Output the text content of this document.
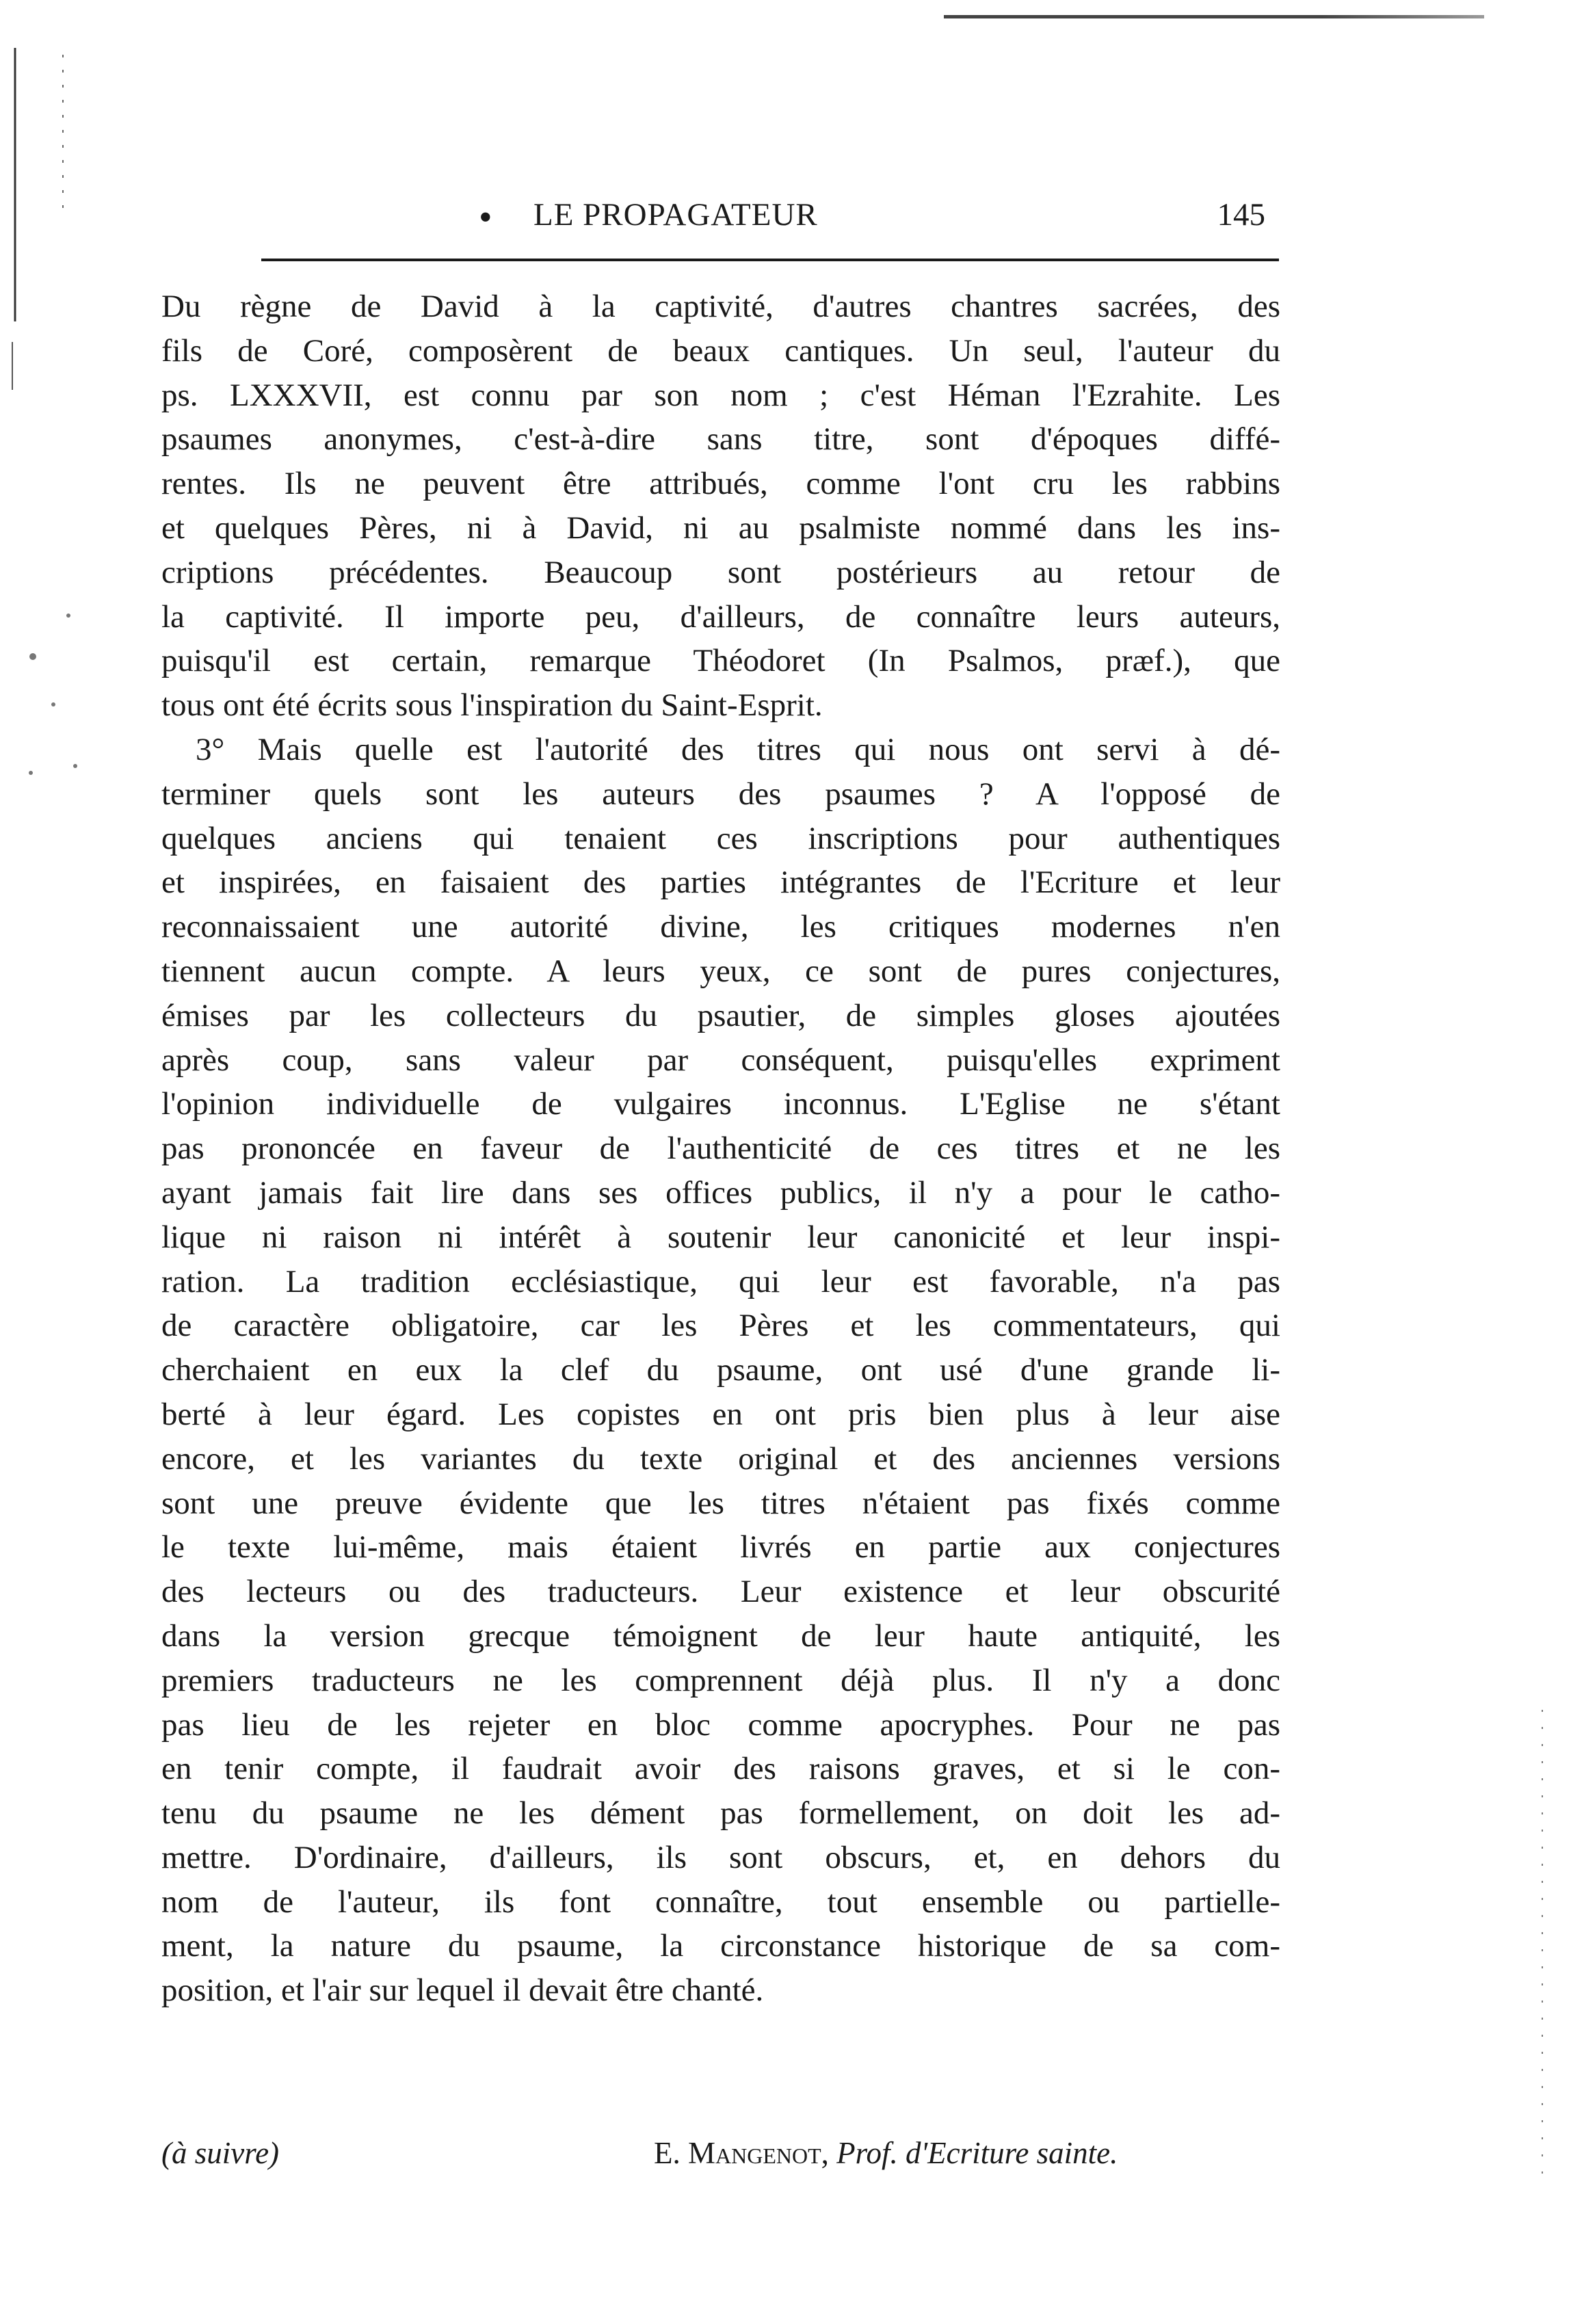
• LE PROPAGATEUR	145

Du règne de David à la captivité, d'autres chantres sacrées, des

fils de Coré, composèrent de beaux cantiques. Un seul, l'auteur du

ps. LXXXVII, est connu par son nom ; c'est Héman l'Ezrahite. Les

psaumes anonymes, c'est-à-dire sans titre, sont d'époques diffé-

rentes. Ils ne peuvent être attribués, comme l'ont cru les rabbins

et quelques Pères, ni à David, ni au psalmiste nommé dans les ins-

criptions précédentes. Beaucoup sont postérieurs au retour de

la captivité. Il importe peu, d'ailleurs, de connaître leurs auteurs,

puisqu'il est certain, remarque Théodoret (In Psalmos, præf.), que

tous ont été écrits sous l'inspiration du Saint-Esprit.

3° Mais quelle est l'autorité des titres qui nous ont servi à dé-

terminer quels sont les auteurs des psaumes ? A l'opposé de

quelques anciens qui tenaient ces inscriptions pour authentiques

et inspirées, en faisaient des parties intégrantes de l'Ecriture et leur

reconnaissaient une autorité divine, les critiques modernes n'en

tiennent aucun compte. A leurs yeux, ce sont de pures conjectures,

émises par les collecteurs du psautier, de simples gloses ajoutées

après coup, sans valeur par conséquent, puisqu'elles expriment

l'opinion individuelle de vulgaires inconnus. L'Eglise ne s'étant

pas prononcée en faveur de l'authenticité de ces titres et ne les

ayant jamais fait lire dans ses offices publics, il n'y a pour le catho-

lique ni raison ni intérêt à soutenir leur canonicité et leur inspi-

ration. La tradition ecclésiastique, qui leur est favorable, n'a pas

de caractère obligatoire, car les Pères et les commentateurs, qui

cherchaient en eux la clef du psaume, ont usé d'une grande li-

berté à leur égard. Les copistes en ont pris bien plus à leur aise

encore, et les variantes du texte original et des anciennes versions

sont une preuve évidente que les titres n'étaient pas fixés comme

le texte lui-même, mais étaient livrés en partie aux conjectures

des lecteurs ou des traducteurs. Leur existence et leur obscurité

dans la version grecque témoignent de leur haute antiquité, les

premiers traducteurs ne les comprennent déjà plus. Il n'y a donc

pas lieu de les rejeter en bloc comme apocryphes. Pour ne pas

en tenir compte, il faudrait avoir des raisons graves, et si le con-

tenu du psaume ne les dément pas formellement, on doit les ad-

mettre. D'ordinaire, d'ailleurs, ils sont obscurs, et, en dehors du

nom de l'auteur, ils font connaître, tout ensemble ou partielle-

ment, la nature du psaume, la circonstance historique de sa com-

position, et l'air sur lequel il devait être chanté.

(à suivre)	E. Mangenot, Prof. d'Ecriture sainte.
